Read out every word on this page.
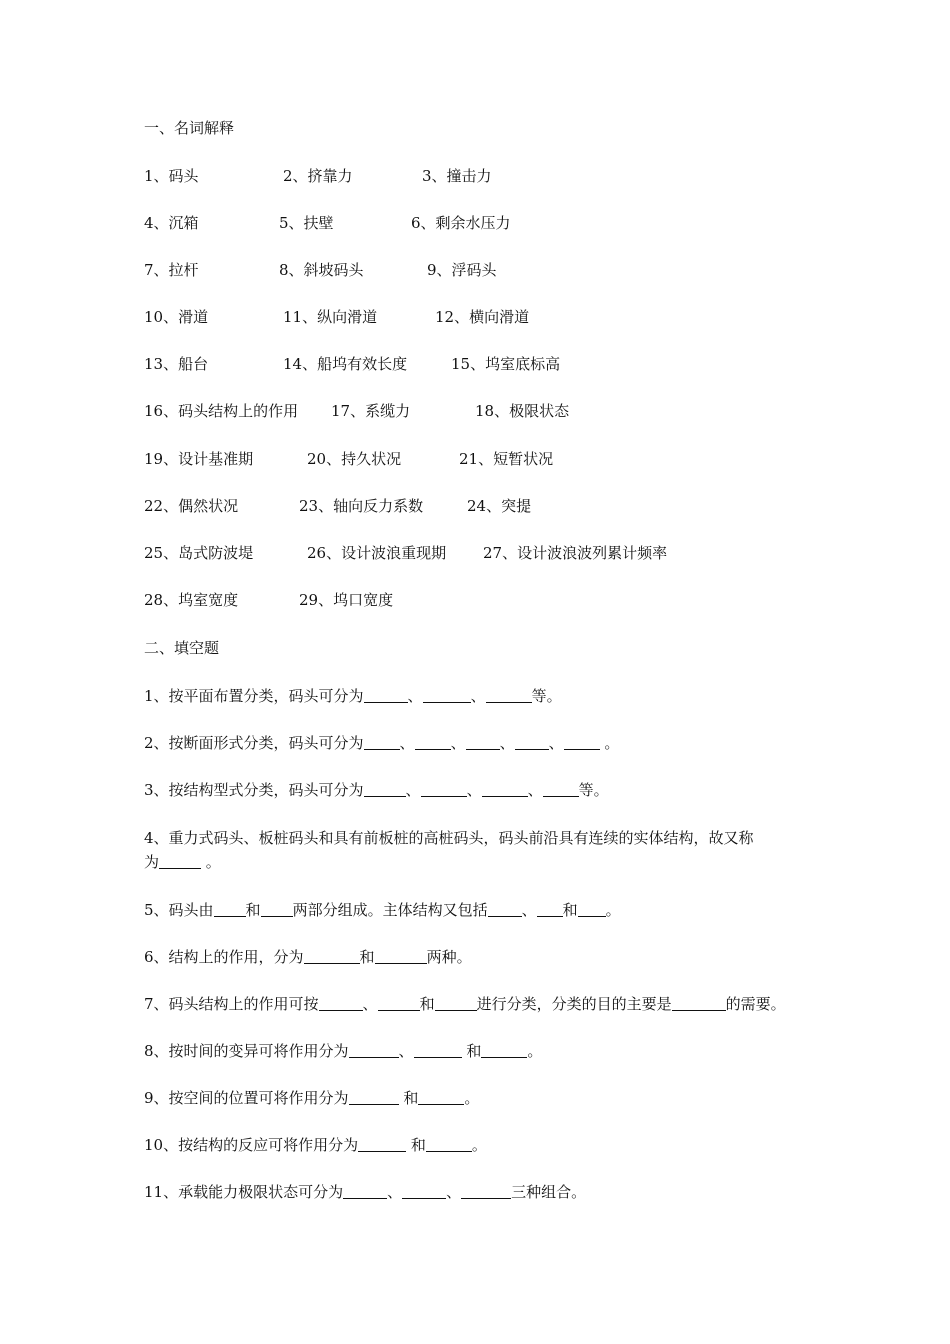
一、名词解释
1、码头	2、挤靠力	3、撞击力
4、沉箱	5、扶壁	6、剩余水压力
7、拉杆	8、斜坡码头	9、浮码头
10、滑道	11、纵向滑道	12、横向滑道
13、船台	14、船坞有效长度	15、坞室底标高
16、码头结构上的作用 17、系缆力	18、极限状态
19、设计基准期	20、持久状况	21、短暂状况
22、偶然状况	23、轴向反力系数	24、突提
25、岛式防波堤	26、设计波浪重现期 27、设计波浪波列累计频率
28、坞室宽度	29、坞口宽度
二、填空题
1、按平面布置分类，码头可分为	、	、	等。
2、按断面形式分类，码头可分为 、 、 、 、 。
3、按结构型式分类，码头可分为	、	、	、 等。
4、重力式码头、板桩码头和具有前板桩的高桩码头，码头前沿具有连续的实体结构，故又称
为	。
5、码头由 和 两部分组成。主体结构又包括 、 和 。
6、结构上的作用，分为	和	两种。
7、码头结构上的作用可按	、	和	进行分类，分类的目的主要是	的需要。
8、按时间的变异可将作用分为	、	和	。
9、按空间的位置可将作用分为	和	。
10、按结构的反应可将作用分为	和	。
11、承载能力极限状态可分为	、	、	三种组合。
